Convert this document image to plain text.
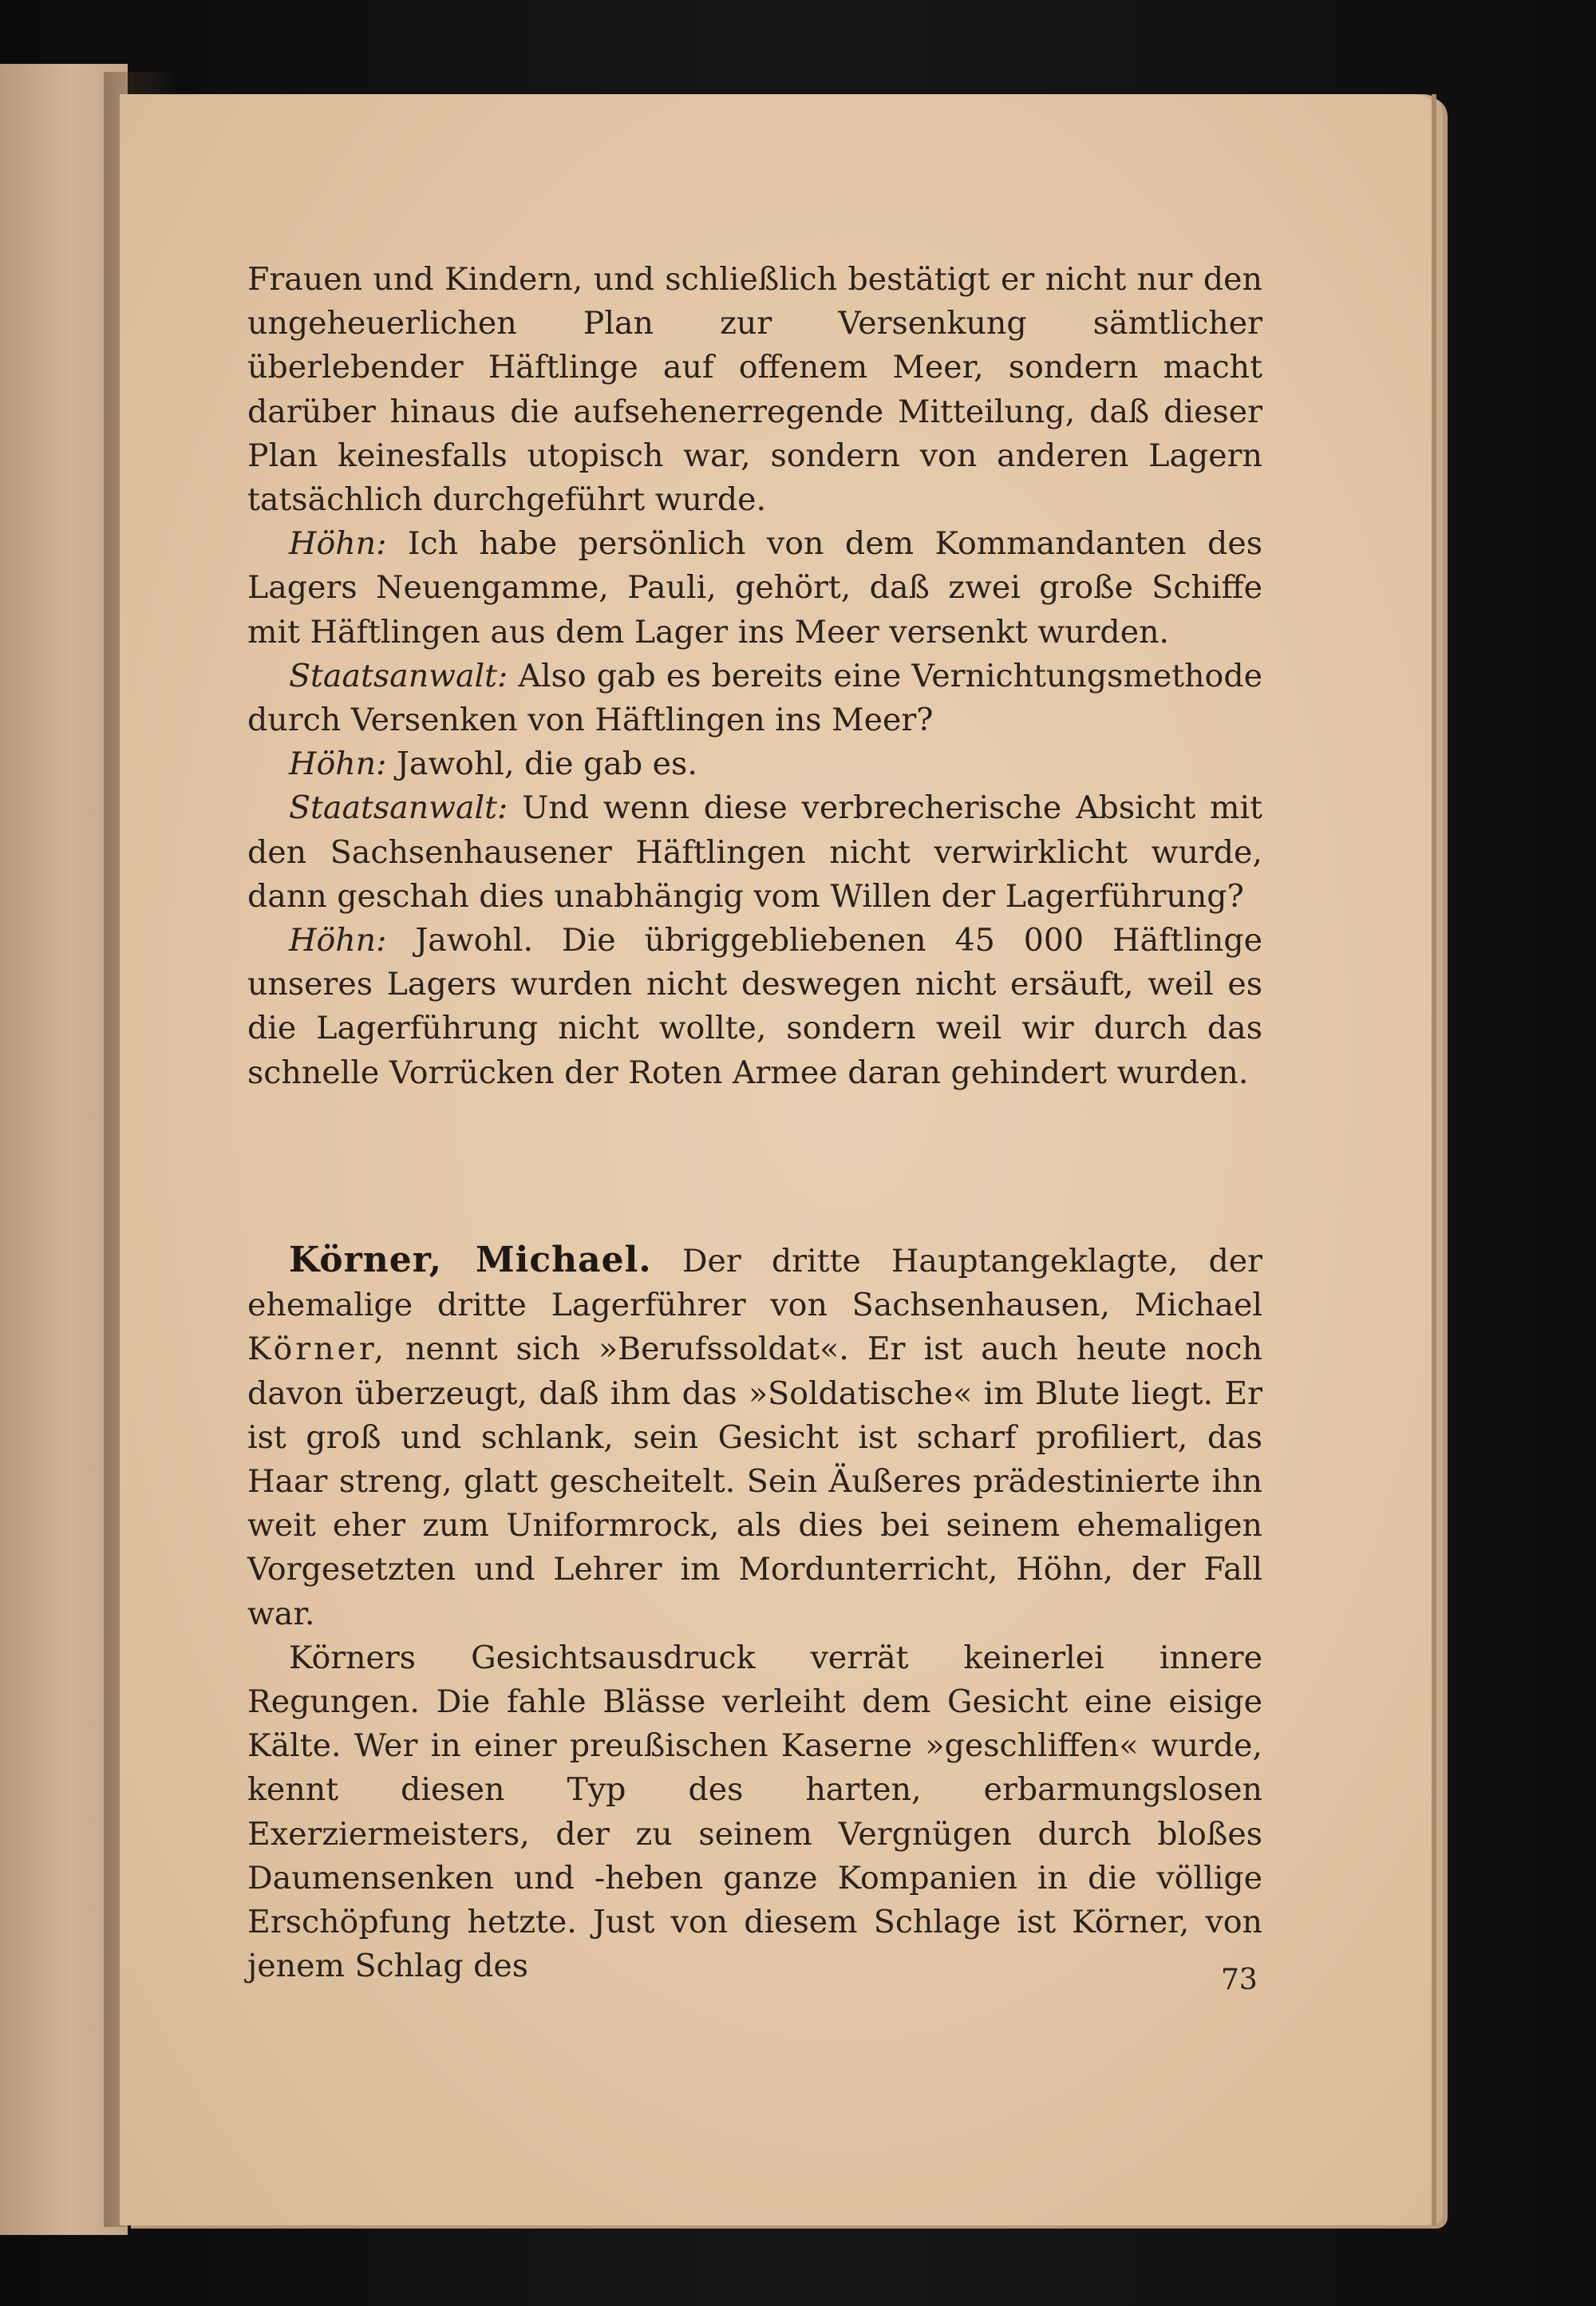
Frauen und Kindern, und schließlich bestätigt er nicht nur den ungeheuerlichen Plan zur Versenkung sämtlicher überlebender Häftlinge auf offenem Meer, sondern macht darüber hinaus die aufsehenerregende Mitteilung, daß dieser Plan keinesfalls utopisch war, sondern von anderen Lagern tatsächlich durchgeführt wurde.

Höhn: Ich habe persönlich von dem Kommandanten des Lagers Neuengamme, Pauli, gehört, daß zwei große Schiffe mit Häftlingen aus dem Lager ins Meer versenkt wurden.

Staatsanwalt: Also gab es bereits eine Vernichtungsmethode durch Versenken von Häftlingen ins Meer?

Höhn: Jawohl, die gab es.

Staatsanwalt: Und wenn diese verbrecherische Absicht mit den Sachsenhausener Häftlingen nicht verwirklicht wurde, dann geschah dies unabhängig vom Willen der Lagerführung?

Höhn: Jawohl. Die übriggebliebenen 45 000 Häftlinge unseres Lagers wurden nicht deswegen nicht ersäuft, weil es die Lagerführung nicht wollte, sondern weil wir durch das schnelle Vorrücken der Roten Armee daran gehindert wurden.

Körner, Michael. Der dritte Hauptangeklagte, der ehemalige dritte Lagerführer von Sachsenhausen, Michael Körner, nennt sich »Berufssoldat«. Er ist auch heute noch davon überzeugt, daß ihm das »Soldatische« im Blute liegt. Er ist groß und schlank, sein Gesicht ist scharf profiliert, das Haar streng, glatt gescheitelt. Sein Äußeres prädestinierte ihn weit eher zum Uniformrock, als dies bei seinem ehemaligen Vorgesetzten und Lehrer im Mordunterricht, Höhn, der Fall war.

Körners Gesichtsausdruck verrät keinerlei innere Regungen. Die fahle Blässe verleiht dem Gesicht eine eisige Kälte. Wer in einer preußischen Kaserne »geschliffen« wurde, kennt diesen Typ des harten, erbarmungslosen Exerziermeisters, der zu seinem Vergnügen durch bloßes Daumensenken und -heben ganze Kompanien in die völlige Erschöpfung hetzte. Just von diesem Schlage ist Körner, von jenem Schlag des	73
